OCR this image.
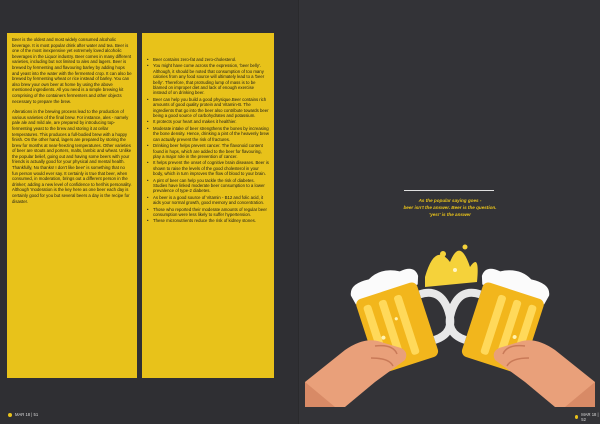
Beer is the oldest and most widely consumed alcoholic beverage. It is most popular drink after water and tea. Beer is one of the most inexpensive yet extremely loved alcoholic beverages in the Liquor industry. Beer comes in many different varieties, including but not limited to ales and lagers. Beer is brewed by fermenting and flavouring barley by adding hops and yeast into the water with the fermented crop. It can also be brewed by fermenting wheat or rice instead of barley. You can also brew your own beer at home by using the above mentioned ingredients. All you need is a simple brewing kit comprising of the containers fermenters and other objects necessary to prepare the brew.

Alterations in the brewing process lead to the production of various varieties of the final brew. For instance, ales - namely pale ale and mild ale, are prepared by introducing top-fermenting yeast to the brew and storing it at cellar temperatures. This produces a full-bodied brew with a hoppy finish. On the other hand, lagers are prepared by storing the brew for months at near-freezing temperatures. Other varieties of beer are stouts and porters, malts, lambic and wheat. Unlike the popular belief, going out and having some beers with your friends is actually good for your physical and mental health. Thankfully, No thanks! I don't like beer' is something that no fun person would ever say. It certainly is true that beer, when consumed, in moderation, brings out a different person in the drinker; adding a new level of confidence to her/his personality. Although 'moderation is the key here as one beer each day is certainly good for you but several beers a day is the recipe for disaster.

• Beer contains zero-fat and zero-cholesterol.
• You might have come across the expression, 'beer belly'. Although, it should be noted that consumption of too many calories from any food source will ultimately lead to a 'beer belly'. Therefore, that protruding lump of mass is to be blamed on improper diet and lack of enough exercise instead of on drinking beer.
• Beer can help you build a good physique.Beer contains rich amounts of good quality protein and Vitamin-B. The ingredients that go into the beer also contribute towards beer being a good source of carbohydrates and potassium.
• It protects your heart and makes it healthier.
• Moderate intake of beer strengthens the bones by increasing the bone density. Hence, drinking a pint of the heavenly brew can actually prevent the risk of fractures.
• Drinking beer helps prevent cancer. The flavonoid content found in hops, which are added to the beer for flavouring, play a major role in the prevention of cancer.
• It helps prevent the onset of cognitive brain diseases. Beer is shown to raise the levels of the good cholesterol in your body, which in turn improves the flow of blood to your brain.
• A pint of beer can help you tackle the risk of diabetes. Studies have linked moderate beer consumption to a lower prevalence of type-2 diabetes.
• As beer is a good source of Vitamin - B12 and folic acid, it aids your normal growth, good memory and concentration.
• Those who reported their moderate amounts of regular beer consumption were less likely to suffer hypertension.
• These micronutrients reduce the risk of kidney stones.
MAR 18 | 51	MAR 18 | 52
As the popular saying goes -
beer isn't the answer. Beer is the question.
'yes!' is the answer
